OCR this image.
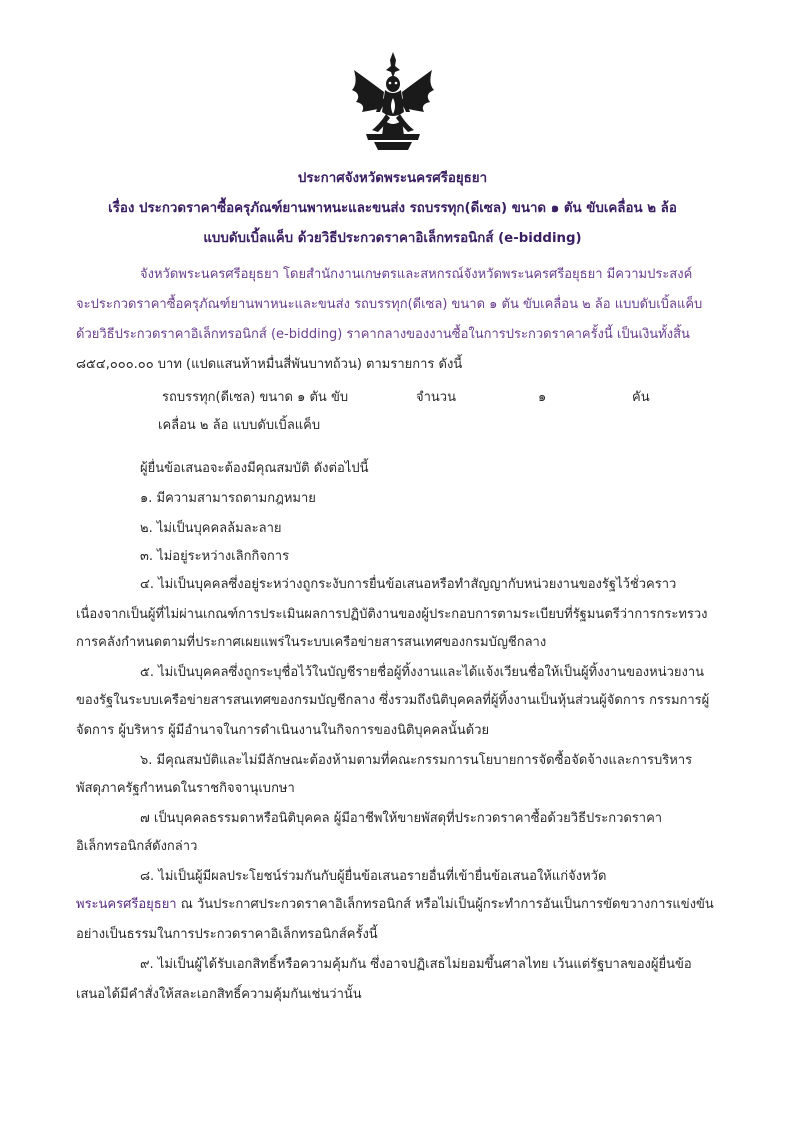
ประกาศจังหวัดพระนครศรีอยุธยา
เรื่อง ประกวดราคาซื้อครุภัณฑ์ยานพาหนะและขนส่ง รถบรรทุก(ดีเซล) ขนาด ๑ ตัน ขับเคลื่อน ๒ ล้อ
แบบดับเบิ้ลแค็บ ด้วยวิธีประกวดราคาอิเล็กทรอนิกส์ (e-bidding)
จังหวัดพระนครศรีอยุธยา โดยสำนักงานเกษตรและสหกรณ์จังหวัดพระนครศรีอยุธยา มีความประสงค์
จะประกวดราคาซื้อครุภัณฑ์ยานพาหนะและขนส่ง รถบรรทุก(ดีเซล) ขนาด ๑ ตัน ขับเคลื่อน ๒ ล้อ แบบดับเบิ้ลแค็บ
ด้วยวิธีประกวดราคาอิเล็กทรอนิกส์ (e-bidding) ราคากลางของงานซื้อในการประกวดราคาครั้งนี้ เป็นเงินทั้งสิ้น
๘๕๔,๐๐๐.๐๐ บาท (แปดแสนห้าหมื่นสี่พันบาทถ้วน) ตามรายการ ดังนี้
รถบรรทุก(ดีเซล) ขนาด ๑ ตัน ขับ	จำนวน	๑	คัน
เคลื่อน ๒ ล้อ แบบดับเบิ้ลแค็บ
ผู้ยื่นข้อเสนอจะต้องมีคุณสมบัติ ดังต่อไปนี้
๑. มีความสามารถตามกฎหมาย
๒. ไม่เป็นบุคคลล้มละลาย
๓. ไม่อยู่ระหว่างเลิกกิจการ
๔. ไม่เป็นบุคคลซึ่งอยู่ระหว่างถูกระงับการยื่นข้อเสนอหรือทำสัญญากับหน่วยงานของรัฐไว้ชั่วคราว
เนื่องจากเป็นผู้ที่ไม่ผ่านเกณฑ์การประเมินผลการปฏิบัติงานของผู้ประกอบการตามระเบียบที่รัฐมนตรีว่าการกระทรวง
การคลังกำหนดตามที่ประกาศเผยแพร่ในระบบเครือข่ายสารสนเทศของกรมบัญชีกลาง
๕. ไม่เป็นบุคคลซึ่งถูกระบุชื่อไว้ในบัญชีรายชื่อผู้ทิ้งงานและได้แจ้งเวียนชื่อให้เป็นผู้ทิ้งงานของหน่วยงาน
ของรัฐในระบบเครือข่ายสารสนเทศของกรมบัญชีกลาง ซึ่งรวมถึงนิติบุคคลที่ผู้ทิ้งงานเป็นหุ้นส่วนผู้จัดการ กรรมการผู้
จัดการ ผู้บริหาร ผู้มีอำนาจในการดำเนินงานในกิจการของนิติบุคคลนั้นด้วย
๖. มีคุณสมบัติและไม่มีลักษณะต้องห้ามตามที่คณะกรรมการนโยบายการจัดซื้อจัดจ้างและการบริหาร
พัสดุภาครัฐกำหนดในราชกิจจานุเบกษา
๗ เป็นบุคคลธรรมดาหรือนิติบุคคล ผู้มีอาชีพให้ขายพัสดุที่ประกวดราคาซื้อด้วยวิธีประกวดราคา
อิเล็กทรอนิกส์ดังกล่าว
๘. ไม่เป็นผู้มีผลประโยชน์ร่วมกันกับผู้ยื่นข้อเสนอรายอื่นที่เข้ายื่นข้อเสนอให้แก่จังหวัด
พระนครศรีอยุธยา ณ วันประกาศประกวดราคาอิเล็กทรอนิกส์ หรือไม่เป็นผู้กระทำการอันเป็นการขัดขวางการแข่งขัน
อย่างเป็นธรรมในการประกวดราคาอิเล็กทรอนิกส์ครั้งนี้
๙. ไม่เป็นผู้ได้รับเอกสิทธิ์หรือความคุ้มกัน ซึ่งอาจปฏิเสธไม่ยอมขึ้นศาลไทย เว้นแต่รัฐบาลของผู้ยื่นข้อ
เสนอได้มีคำสั่งให้สละเอกสิทธิ์ความคุ้มกันเช่นว่านั้น
